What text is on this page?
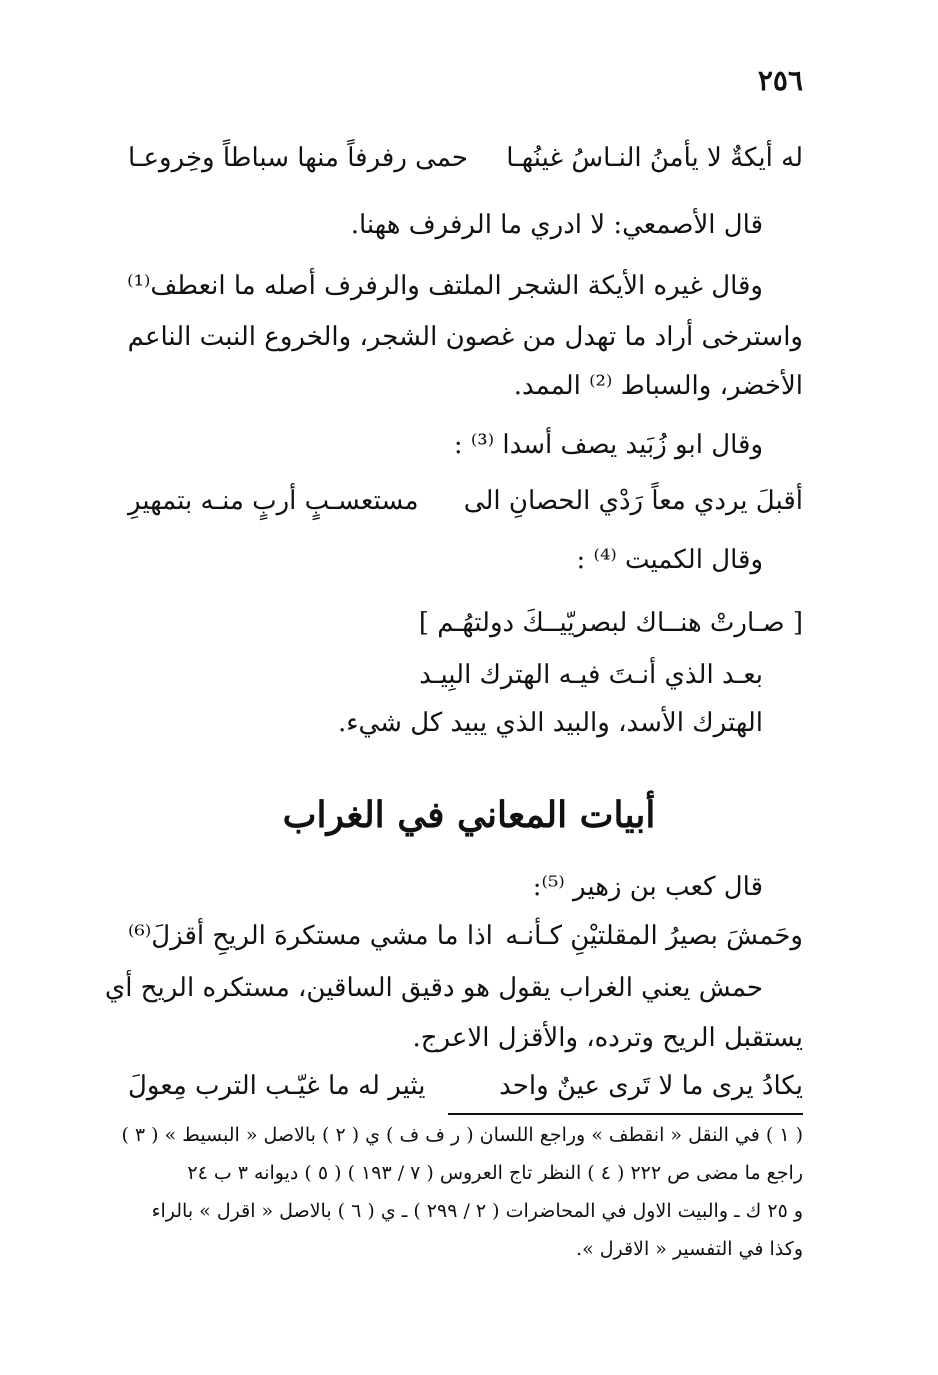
٢٥٦
له أيكةٌ لا يأمنُ النـاسُ غينُهـا
حمى رفرفاً منها سباطاً وخِروعـا
قال الأصمعي: لا ادري ما الرفرف ههنا.
وقال غيره الأيكة الشجر الملتف والرفرف أصله ما انعطف⁽¹⁾
واسترخى أراد ما تهدل من غصون الشجر، والخروع النبت الناعم
الأخضر، والسباط ⁽²⁾ الممد.
وقال ابو زُبَيد يصف أسدا ⁽³⁾ :
أقبلَ يردي معاً رَدْي الحصانِ الى
مستعسـبٍ أربٍ منـه بتمهيرِ
وقال الكميت ⁽⁴⁾ :
[ صـارتْ هنــاك لبصريّيــكَ دولتهُـم ]
بعـد الذي أنـتَ فيـه الهترك البِيـد
الهترك الأسد، والبيد الذي يبيد كل شيء.
أبيات المعاني في الغراب
قال كعب بن زهير ⁽⁵⁾:
وحَمشَ بصيرُ المقلتيْنِ كـأنـه
اذا ما مشي مستكرهَ الريحِ أقزلَ⁽⁶⁾
حمش يعني الغراب يقول هو دقيق الساقين، مستكره الريح أي
يستقبل الريح وترده، والأقزل الاعرج.
يكادُ يرى ما لا تَرى عينٌ واحد
يثير له ما غيّـب الترب مِعولَ
( ١ ) في النقل « انقطف » وراجع اللسان ( ر ف ف ) ي ( ٢ ) بالاصل « البسيط » ( ٣ )
راجع ما مضى ص ٢٢٢ ( ٤ ) النظر تاج العروس ( ٧ / ١٩٣ ) ( ٥ ) ديوانه ٣ ب ٢٤
و ٢٥ ك ـ والبيت الاول في المحاضرات ( ٢ / ٢٩٩ ) ـ ي ( ٦ ) بالاصل « اقرل » بالراء
وكذا في التفسير « الاقرل ».
